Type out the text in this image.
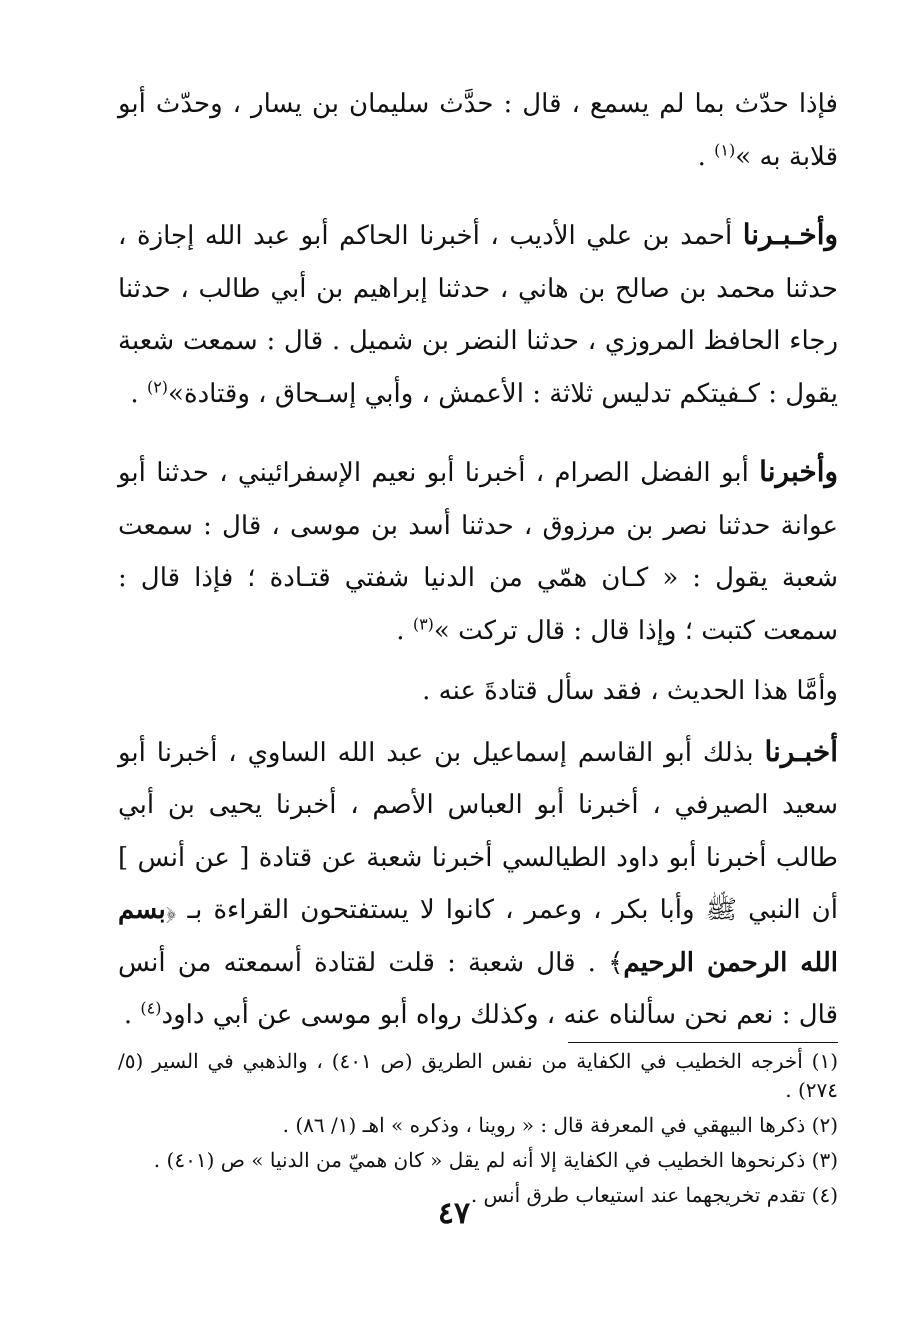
فإذا حدّث بما لم يسمع ، قال : حدَّث سليمان بن يسار ، وحدّث أبو قلابة به »$^{(١)}$ .

وأخـبـرنا أحمد بن علي الأديب ، أخبرنا الحاكم أبو عبد الله إجازة ، حدثنا محمد بن صالح بن هاني ، حدثنا إبراهيم بن أبي طالب ، حدثنا رجاء الحافظ المروزي ، حدثنا النضر بن شميل . قال : سمعت شعبة يقول : كـفيتكم تدليس ثلاثة : الأعمش ، وأبي إسـحاق ، وقتادة»$^{(٢)}$ .

وأخبرنا أبو الفضل الصرام ، أخبرنا أبو نعيم الإسفرائيني ، حدثنا أبو عوانة حدثنا نصر بن مرزوق ، حدثنا أسد بن موسى ، قال : سمعت شعبة يقول : « كـان همّي من الدنيا شفتي قتـادة ؛ فإذا قال : سمعت كتبت ؛ وإذا قال : قال تركت »$^{(٣)}$ .

وأمَّا هذا الحديث ، فقد سأل قتادةَ عنه .

أخبـرنا بذلك أبو القاسم إسماعيل بن عبد الله الساوي ، أخبرنا أبو سعيد الصيرفي ، أخبرنا أبو العباس الأصم ، أخبرنا يحيى بن أبي طالب أخبرنا أبو داود الطيالسي أخبرنا شعبة عن قتادة [ عن أنس ] أن النبي ﷺ وأبا بكر ، وعمر ، كانوا لا يستفتحون القراءة بـ ﴿بسم الله الرحمن الرحيم﴾ . قال شعبة : قلت لقتادة أسمعته من أنس قال : نعم نحن سألناه عنه ، وكذلك رواه أبو موسى عن أبي داود$^{(٤)}$ .

(١) أخرجه الخطيب في الكفاية من نفس الطريق (ص ٤٠١) ، والذهبي في السير (٥/ ٢٧٤) .

(٢) ذكرها البيهقي في المعرفة قال : « روينا ، وذكره » اهـ (١/ ٨٦) .

(٣) ذكرنحوها الخطيب في الكفاية إلا أنه لم يقل « كان هميّ من الدنيا » ص (٤٠١) .

(٤) تقدم تخريجهما عند استيعاب طرق أنس .

٤٧
